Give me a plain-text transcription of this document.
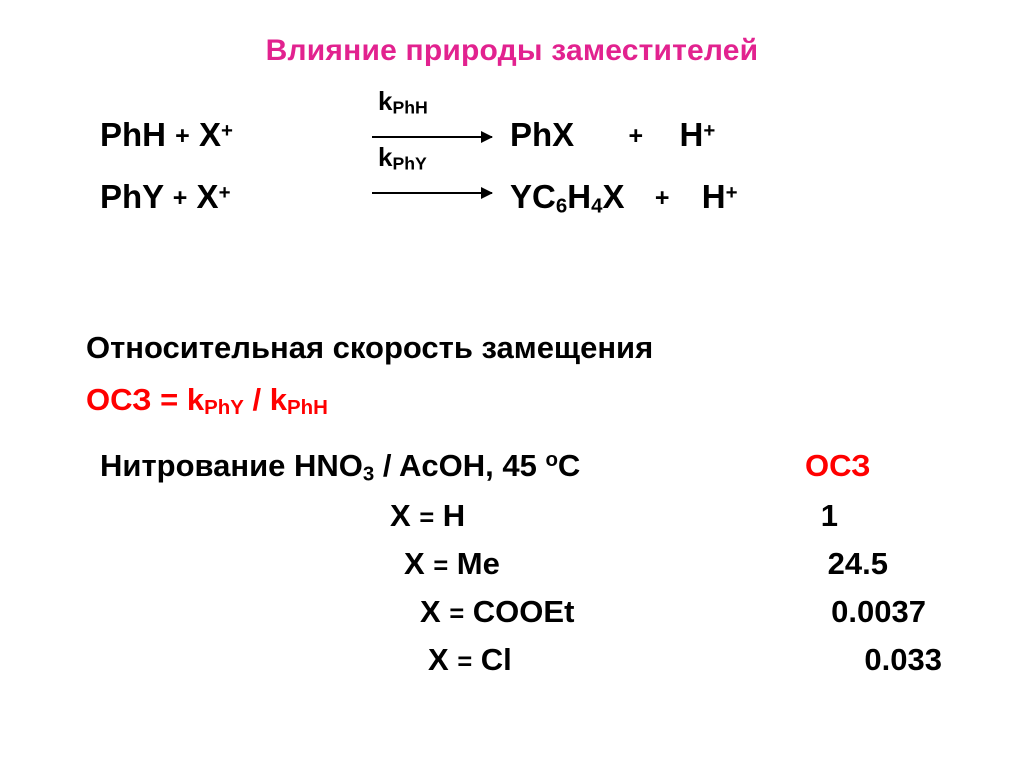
Влияние природы заместителей
PhH + X+
$k_{PhH}$
→ PhX + H+
PhY + X+
$k_{PhY}$
→ $YC_6H_4X + H^+$
Относительная скорость замещения
ОСЗ = $k_{PhY} / k_{PhH}$
Нитрование $HNO_3$ / AcOH, 45 $^o$C	ОСЗ
X = H	1
X = Me	24.5
X = COOEt	0.0037
X = Cl	0.033
